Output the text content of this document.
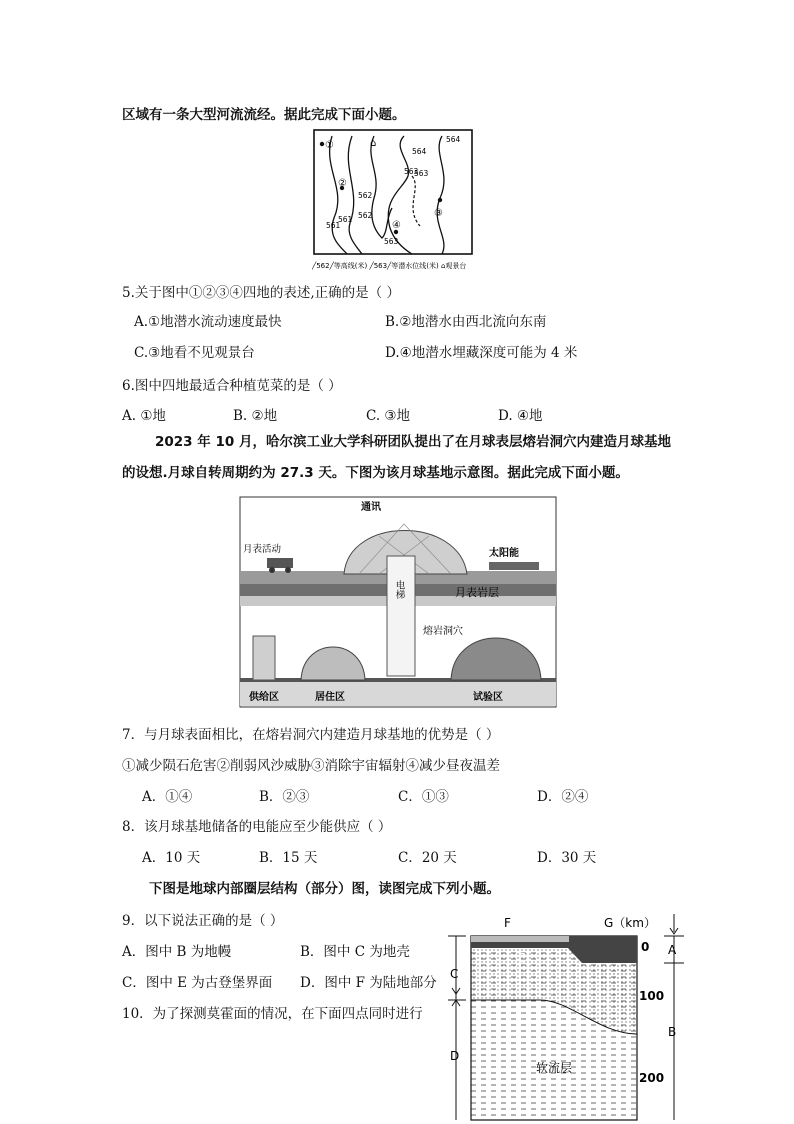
区域有一条大型河流流经。据此完成下面小题。
①
②
③
④
⌂	564
564
563
563
562
562
561
561
563
╱562╱等高线(米) ╱563╱等潜水位线(米) ⌂观景台
5.关于图中①②③④四地的表述,正确的是（ ）
A.①地潜水流动速度最快	B.②地潜水由西北流向东南
C.③地看不见观景台	D.④地潜水埋藏深度可能为 4 米
6.图中四地最适合种植苋菜的是（ ）
A. ①地	B. ②地	C. ③地	D. ④地
2023 年 10 月，哈尔滨工业大学科研团队提出了在月球表层熔岩洞穴内建造月球基地
的设想.月球自转周期约为 27.3 天。下图为该月球基地示意图。据此完成下面小题。
通讯
月表活动	太阳能
电梯	月表岩层
熔岩洞穴
供给区	居住区	试验区
7．与月球表面相比，在熔岩洞穴内建造月球基地的优势是（ ）
①减少陨石危害②削弱风沙威胁③消除宇宙辐射④减少昼夜温差
A．①④	B．②③	C．①③	D．②④
8．该月球基地储备的电能应至少能供应（ ）
A．10 天	B．15 天	C．20 天	D．30 天
下图是地球内部圈层结构（部分）图，读图完成下列小题。
9．以下说法正确的是（ ）
A．图中 B 为地幔	B．图中 C 为地壳
C．图中 E 为古登堡界面 D．图中 F 为陆地部分
10．为了探测莫霍面的情况，在下面四点同时进行
F	G（km）
E
软流层
0
100
200
A
B
C
D
